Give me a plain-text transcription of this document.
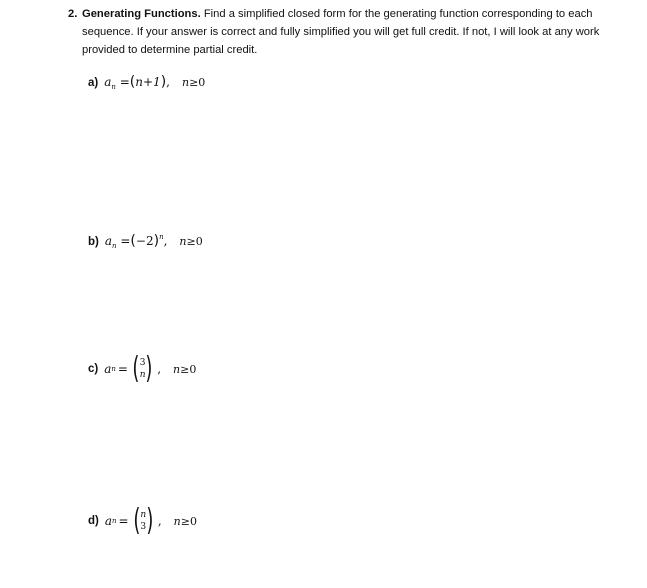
2. Generating Functions. Find a simplified closed form for the generating function corresponding to each sequence. If your answer is correct and fully simplified you will get full credit. If not, I will look at any work provided to determine partial credit.
a) $a_n =(n+1)$, n≥0
b) $a_n =(-2)^n$, n≥0
c) a n = ( 3
n ) , n≥0
d) a n = ( n
3 ) , n≥0
